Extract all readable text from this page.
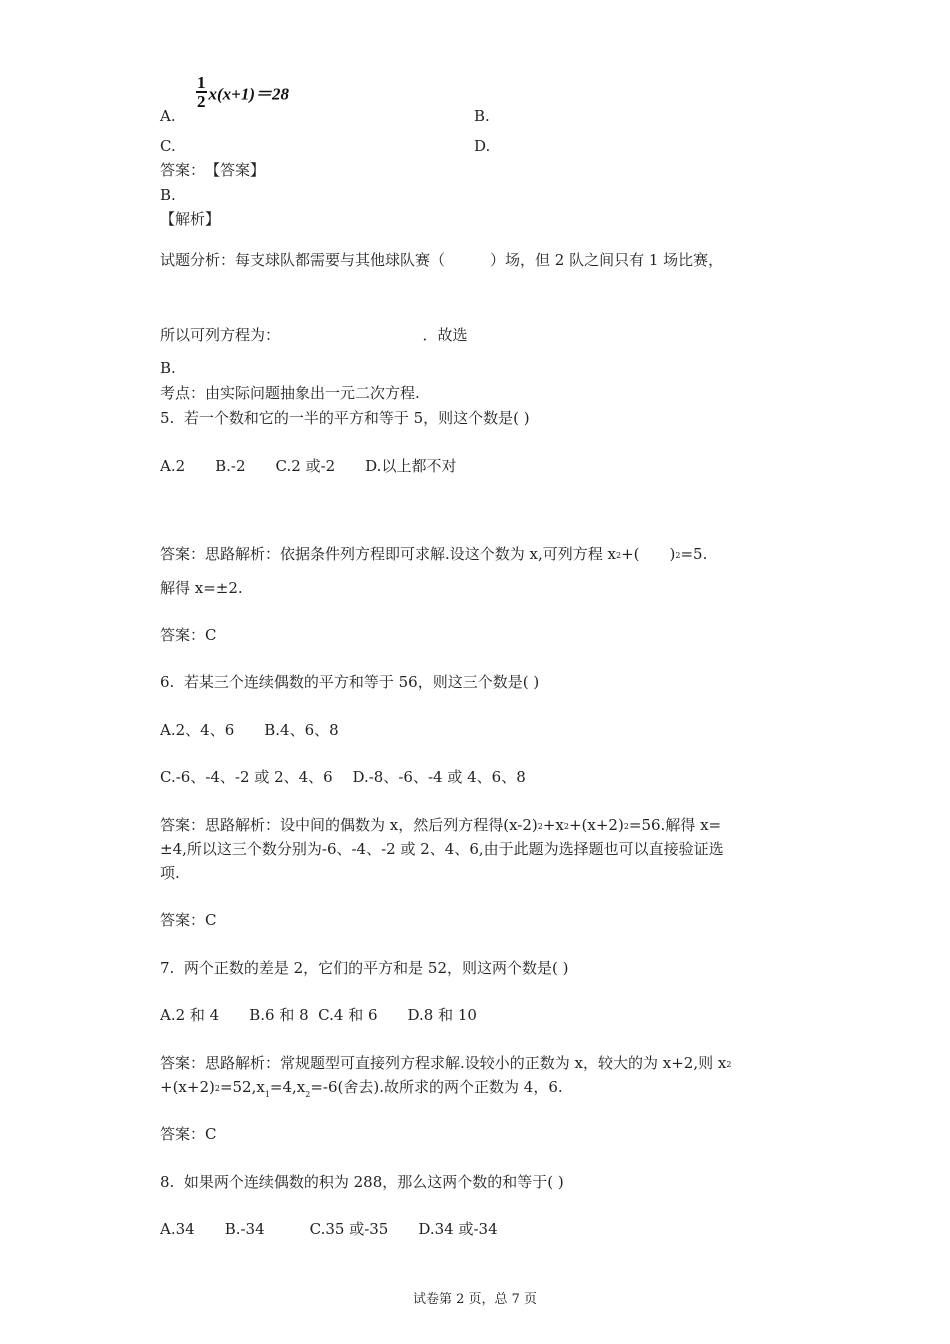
$\frac{1}{2} x(x+1)=28$
A.	B.
C.	D.
答案：　【答案】
B.
【解析】
试题分析：每支球队都需要与其他球队赛（　　　）场，但 2 队之间只有 1 场比赛，
所以可列方程为：　　　　　　　　　　．故选
B.
考点：由实际问题抽象出一元二次方程.
5.  若一个数和它的一半的平方和等于 5，则这个数是( )
A.2　　B.-2　　C.2 或-2　　D.以上都不对
答案：思路解析：依据条件列方程即可求解.设这个数为 x,可列方程 x2+(　　)2=5.
解得 x=±2.
答案：C
6.  若某三个连续偶数的平方和等于 56，则这三个数是( )
A.2、4、6　　B.4、6、8
C.-6、-4、-2 或 2、4、6　 D.-8、-6、-4 或 4、6、8
答案：思路解析：设中间的偶数为 x，然后列方程得(x-2)2+x2+(x+2)2=56.解得 x=
±4,所以这三个数分别为-6、-4、-2 或 2、4、6,由于此题为选择题也可以直接验证选
项.
答案：C
7.  两个正数的差是 2，它们的平方和是 52，则这两个数是( )
A.2 和 4　　B.6 和 8  C.4 和 6　　D.8 和 10
答案：思路解析：常规题型可直接列方程求解.设较小的正数为 x，较大的为 x+2,则 x2
$+(x+2)2=52,x_1=4,x_2=-6$(舍去).故所求的两个正数为 4，6.
答案：C
8.  如果两个连续偶数的积为 288，那么这两个数的和等于( )
A.34　　B.-34　　　C.35 或-35　　D.34 或-34
试卷第 2 页，总 7 页
